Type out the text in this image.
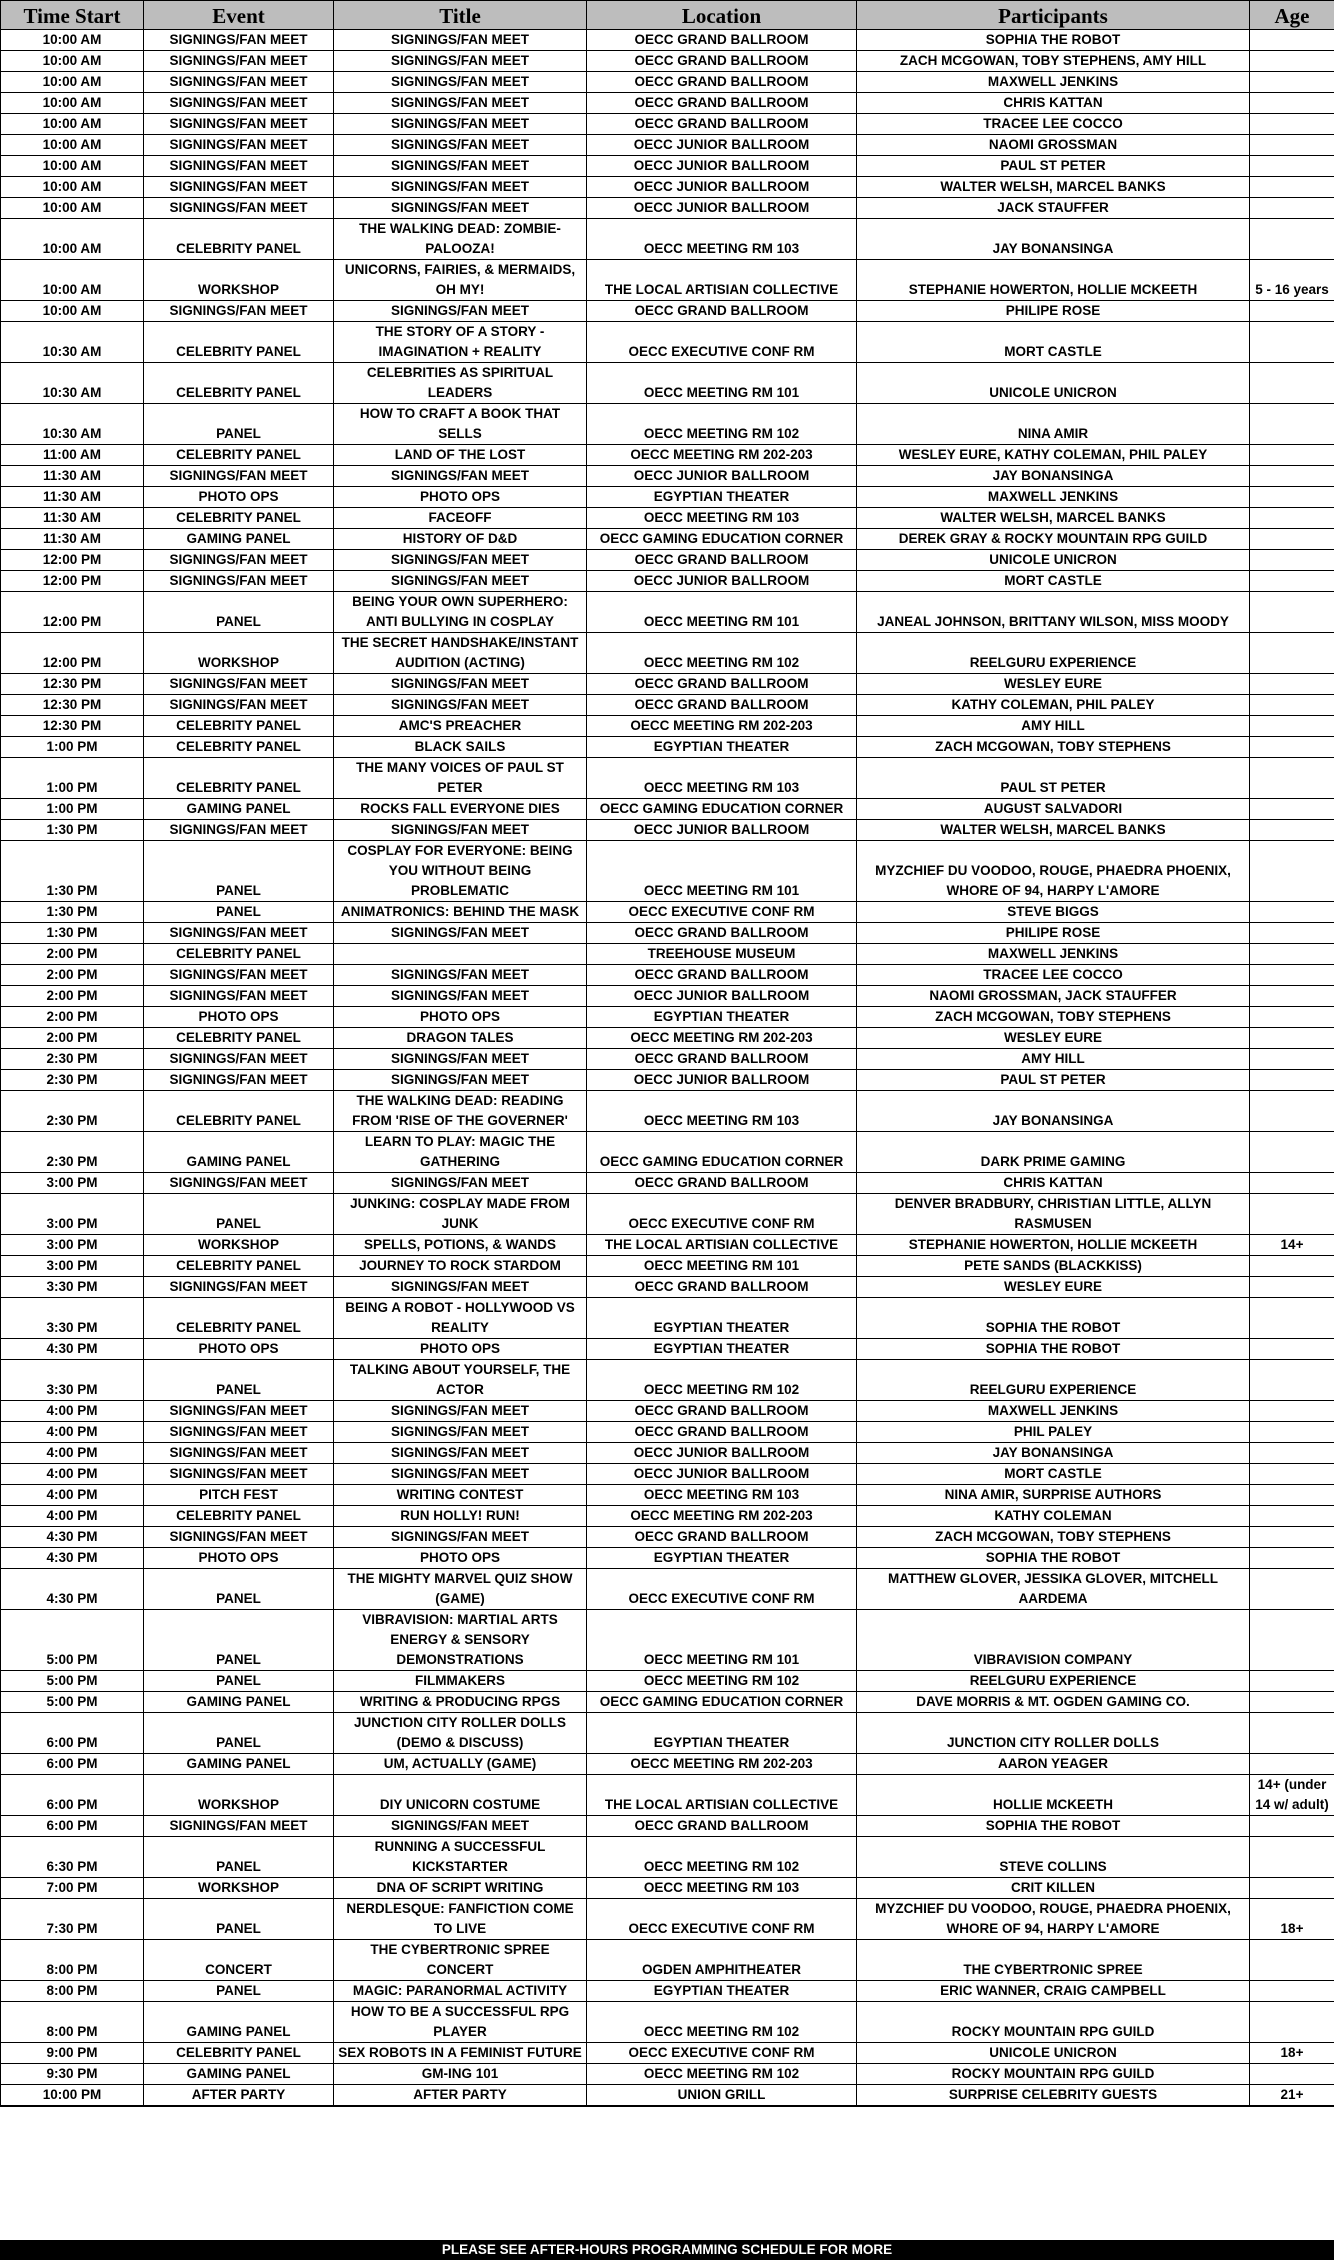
Time Start	Event	Title	Location	Participants	Age
10:00 AM	SIGNINGS/FAN MEET	SIGNINGS/FAN MEET	OECC GRAND BALLROOM	SOPHIA THE ROBOT	
10:00 AM	SIGNINGS/FAN MEET	SIGNINGS/FAN MEET	OECC GRAND BALLROOM	ZACH MCGOWAN, TOBY STEPHENS, AMY HILL	
10:00 AM	SIGNINGS/FAN MEET	SIGNINGS/FAN MEET	OECC GRAND BALLROOM	MAXWELL JENKINS	
10:00 AM	SIGNINGS/FAN MEET	SIGNINGS/FAN MEET	OECC GRAND BALLROOM	CHRIS KATTAN	
10:00 AM	SIGNINGS/FAN MEET	SIGNINGS/FAN MEET	OECC GRAND BALLROOM	TRACEE LEE COCCO	
10:00 AM	SIGNINGS/FAN MEET	SIGNINGS/FAN MEET	OECC JUNIOR BALLROOM	NAOMI GROSSMAN	
10:00 AM	SIGNINGS/FAN MEET	SIGNINGS/FAN MEET	OECC JUNIOR BALLROOM	PAUL ST PETER	
10:00 AM	SIGNINGS/FAN MEET	SIGNINGS/FAN MEET	OECC JUNIOR BALLROOM	WALTER WELSH, MARCEL BANKS	
10:00 AM	SIGNINGS/FAN MEET	SIGNINGS/FAN MEET	OECC JUNIOR BALLROOM	JACK STAUFFER	
10:00 AM	CELEBRITY PANEL	THE WALKING DEAD: ZOMBIE-PALOOZA!	OECC MEETING RM 103	JAY BONANSINGA	
10:00 AM	WORKSHOP	UNICORNS, FAIRIES, & MERMAIDS, OH MY!	THE LOCAL ARTISIAN COLLECTIVE	STEPHANIE HOWERTON, HOLLIE MCKEETH	5 - 16 years
10:00 AM	SIGNINGS/FAN MEET	SIGNINGS/FAN MEET	OECC GRAND BALLROOM	PHILIPE ROSE	
10:30 AM	CELEBRITY PANEL	THE STORY OF A STORY - IMAGINATION + REALITY	OECC EXECUTIVE CONF RM	MORT CASTLE	
10:30 AM	CELEBRITY PANEL	CELEBRITIES AS SPIRITUAL LEADERS	OECC MEETING RM 101	UNICOLE UNICRON	
10:30 AM	PANEL	HOW TO CRAFT A BOOK THAT SELLS	OECC MEETING RM 102	NINA AMIR	
11:00 AM	CELEBRITY PANEL	LAND OF THE LOST	OECC MEETING RM 202-203	WESLEY EURE, KATHY COLEMAN, PHIL PALEY	
11:30 AM	SIGNINGS/FAN MEET	SIGNINGS/FAN MEET	OECC JUNIOR BALLROOM	JAY BONANSINGA	
11:30 AM	PHOTO OPS	PHOTO OPS	EGYPTIAN THEATER	MAXWELL JENKINS	
11:30 AM	CELEBRITY PANEL	FACEOFF	OECC MEETING RM 103	WALTER WELSH, MARCEL BANKS	
11:30 AM	GAMING PANEL	HISTORY OF D&D	OECC GAMING EDUCATION CORNER	DEREK GRAY & ROCKY MOUNTAIN RPG GUILD	
12:00 PM	SIGNINGS/FAN MEET	SIGNINGS/FAN MEET	OECC GRAND BALLROOM	UNICOLE UNICRON	
12:00 PM	SIGNINGS/FAN MEET	SIGNINGS/FAN MEET	OECC JUNIOR BALLROOM	MORT CASTLE	
12:00 PM	PANEL	BEING YOUR OWN SUPERHERO: ANTI BULLYING IN COSPLAY	OECC MEETING RM 101	JANEAL JOHNSON, BRITTANY WILSON, MISS MOODY	
12:00 PM	WORKSHOP	THE SECRET HANDSHAKE/INSTANT AUDITION (ACTING)	OECC MEETING RM 102	REELGURU EXPERIENCE	
12:30 PM	SIGNINGS/FAN MEET	SIGNINGS/FAN MEET	OECC GRAND BALLROOM	WESLEY EURE	
12:30 PM	SIGNINGS/FAN MEET	SIGNINGS/FAN MEET	OECC GRAND BALLROOM	KATHY COLEMAN, PHIL PALEY	
12:30 PM	CELEBRITY PANEL	AMC'S PREACHER	OECC MEETING RM 202-203	AMY HILL	
1:00 PM	CELEBRITY PANEL	BLACK SAILS	EGYPTIAN THEATER	ZACH MCGOWAN, TOBY STEPHENS	
1:00 PM	CELEBRITY PANEL	THE MANY VOICES OF PAUL ST PETER	OECC MEETING RM 103	PAUL ST PETER	
1:00 PM	GAMING PANEL	ROCKS FALL EVERYONE DIES	OECC GAMING EDUCATION CORNER	AUGUST SALVADORI	
1:30 PM	SIGNINGS/FAN MEET	SIGNINGS/FAN MEET	OECC JUNIOR BALLROOM	WALTER WELSH, MARCEL BANKS	
1:30 PM	PANEL	COSPLAY FOR EVERYONE: BEING YOU WITHOUT BEING PROBLEMATIC	OECC MEETING RM 101	MYZCHIEF DU VOODOO, ROUGE, PHAEDRA PHOENIX, WHORE OF 94, HARPY L'AMORE	
1:30 PM	PANEL	ANIMATRONICS: BEHIND THE MASK	OECC EXECUTIVE CONF RM	STEVE BIGGS	
1:30 PM	SIGNINGS/FAN MEET	SIGNINGS/FAN MEET	OECC GRAND BALLROOM	PHILIPE ROSE	
2:00 PM	CELEBRITY PANEL		TREEHOUSE MUSEUM	MAXWELL JENKINS	
2:00 PM	SIGNINGS/FAN MEET	SIGNINGS/FAN MEET	OECC GRAND BALLROOM	TRACEE LEE COCCO	
2:00 PM	SIGNINGS/FAN MEET	SIGNINGS/FAN MEET	OECC JUNIOR BALLROOM	NAOMI GROSSMAN, JACK STAUFFER	
2:00 PM	PHOTO OPS	PHOTO OPS	EGYPTIAN THEATER	ZACH MCGOWAN, TOBY STEPHENS	
2:00 PM	CELEBRITY PANEL	DRAGON TALES	OECC MEETING RM 202-203	WESLEY EURE	
2:30 PM	SIGNINGS/FAN MEET	SIGNINGS/FAN MEET	OECC GRAND BALLROOM	AMY HILL	
2:30 PM	SIGNINGS/FAN MEET	SIGNINGS/FAN MEET	OECC JUNIOR BALLROOM	PAUL ST PETER	
2:30 PM	CELEBRITY PANEL	THE WALKING DEAD: READING FROM 'RISE OF THE GOVERNER'	OECC MEETING RM 103	JAY BONANSINGA	
2:30 PM	GAMING PANEL	LEARN TO PLAY: MAGIC THE GATHERING	OECC GAMING EDUCATION CORNER	DARK PRIME GAMING	
3:00 PM	SIGNINGS/FAN MEET	SIGNINGS/FAN MEET	OECC GRAND BALLROOM	CHRIS KATTAN	
3:00 PM	PANEL	JUNKING: COSPLAY MADE FROM JUNK	OECC EXECUTIVE CONF RM	DENVER BRADBURY, CHRISTIAN LITTLE, ALLYN RASMUSEN	
3:00 PM	WORKSHOP	SPELLS, POTIONS, & WANDS	THE LOCAL ARTISIAN COLLECTIVE	STEPHANIE HOWERTON, HOLLIE MCKEETH	14+
3:00 PM	CELEBRITY PANEL	JOURNEY TO ROCK STARDOM	OECC MEETING RM 101	PETE SANDS (BLACKKISS)	
3:30 PM	SIGNINGS/FAN MEET	SIGNINGS/FAN MEET	OECC GRAND BALLROOM	WESLEY EURE	
3:30 PM	CELEBRITY PANEL	BEING A ROBOT - HOLLYWOOD VS REALITY	EGYPTIAN THEATER	SOPHIA THE ROBOT	
4:30 PM	PHOTO OPS	PHOTO OPS	EGYPTIAN THEATER	SOPHIA THE ROBOT	
3:30 PM	PANEL	TALKING ABOUT YOURSELF, THE ACTOR	OECC MEETING RM 102	REELGURU EXPERIENCE	
4:00 PM	SIGNINGS/FAN MEET	SIGNINGS/FAN MEET	OECC GRAND BALLROOM	MAXWELL JENKINS	
4:00 PM	SIGNINGS/FAN MEET	SIGNINGS/FAN MEET	OECC GRAND BALLROOM	PHIL PALEY	
4:00 PM	SIGNINGS/FAN MEET	SIGNINGS/FAN MEET	OECC JUNIOR BALLROOM	JAY BONANSINGA	
4:00 PM	SIGNINGS/FAN MEET	SIGNINGS/FAN MEET	OECC JUNIOR BALLROOM	MORT CASTLE	
4:00 PM	PITCH FEST	WRITING CONTEST	OECC MEETING RM 103	NINA AMIR, SURPRISE AUTHORS	
4:00 PM	CELEBRITY PANEL	RUN HOLLY! RUN!	OECC MEETING RM 202-203	KATHY COLEMAN	
4:30 PM	SIGNINGS/FAN MEET	SIGNINGS/FAN MEET	OECC GRAND BALLROOM	ZACH MCGOWAN, TOBY STEPHENS	
4:30 PM	PHOTO OPS	PHOTO OPS	EGYPTIAN THEATER	SOPHIA THE ROBOT	
4:30 PM	PANEL	THE MIGHTY MARVEL QUIZ SHOW (GAME)	OECC EXECUTIVE CONF RM	MATTHEW GLOVER, JESSIKA GLOVER, MITCHELL AARDEMA	
5:00 PM	PANEL	VIBRAVISION: MARTIAL ARTS ENERGY & SENSORY DEMONSTRATIONS	OECC MEETING RM 101	VIBRAVISION COMPANY	
5:00 PM	PANEL	FILMMAKERS	OECC MEETING RM 102	REELGURU EXPERIENCE	
5:00 PM	GAMING PANEL	WRITING & PRODUCING RPGS	OECC GAMING EDUCATION CORNER	DAVE MORRIS & MT. OGDEN GAMING CO.	
6:00 PM	PANEL	JUNCTION CITY ROLLER DOLLS (DEMO & DISCUSS)	EGYPTIAN THEATER	JUNCTION CITY ROLLER DOLLS	
6:00 PM	GAMING PANEL	UM, ACTUALLY (GAME)	OECC MEETING RM 202-203	AARON YEAGER	
6:00 PM	WORKSHOP	DIY UNICORN COSTUME	THE LOCAL ARTISIAN COLLECTIVE	HOLLIE MCKEETH	14+ (under 14 w/ adult)
6:00 PM	SIGNINGS/FAN MEET	SIGNINGS/FAN MEET	OECC GRAND BALLROOM	SOPHIA THE ROBOT	
6:30 PM	PANEL	RUNNING A SUCCESSFUL KICKSTARTER	OECC MEETING RM 102	STEVE COLLINS	
7:00 PM	WORKSHOP	DNA OF SCRIPT WRITING	OECC MEETING RM 103	CRIT KILLEN	
7:30 PM	PANEL	NERDLESQUE: FANFICTION COME TO LIVE	OECC EXECUTIVE CONF RM	MYZCHIEF DU VOODOO, ROUGE, PHAEDRA PHOENIX, WHORE OF 94, HARPY L'AMORE	18+
8:00 PM	CONCERT	THE CYBERTRONIC SPREE CONCERT	OGDEN AMPHITHEATER	THE CYBERTRONIC SPREE	
8:00 PM	PANEL	MAGIC: PARANORMAL ACTIVITY	EGYPTIAN THEATER	ERIC WANNER, CRAIG CAMPBELL	
8:00 PM	GAMING PANEL	HOW TO BE A SUCCESSFUL RPG PLAYER	OECC MEETING RM 102	ROCKY MOUNTAIN RPG GUILD	
9:00 PM	CELEBRITY PANEL	SEX ROBOTS IN A FEMINIST FUTURE	OECC EXECUTIVE CONF RM	UNICOLE UNICRON	18+
9:30 PM	GAMING PANEL	GM-ING 101	OECC MEETING RM 102	ROCKY MOUNTAIN RPG GUILD	
10:00 PM	AFTER PARTY	AFTER PARTY	UNION GRILL	SURPRISE CELEBRITY GUESTS	21+

PLEASE SEE AFTER-HOURS PROGRAMMING SCHEDULE FOR MORE
